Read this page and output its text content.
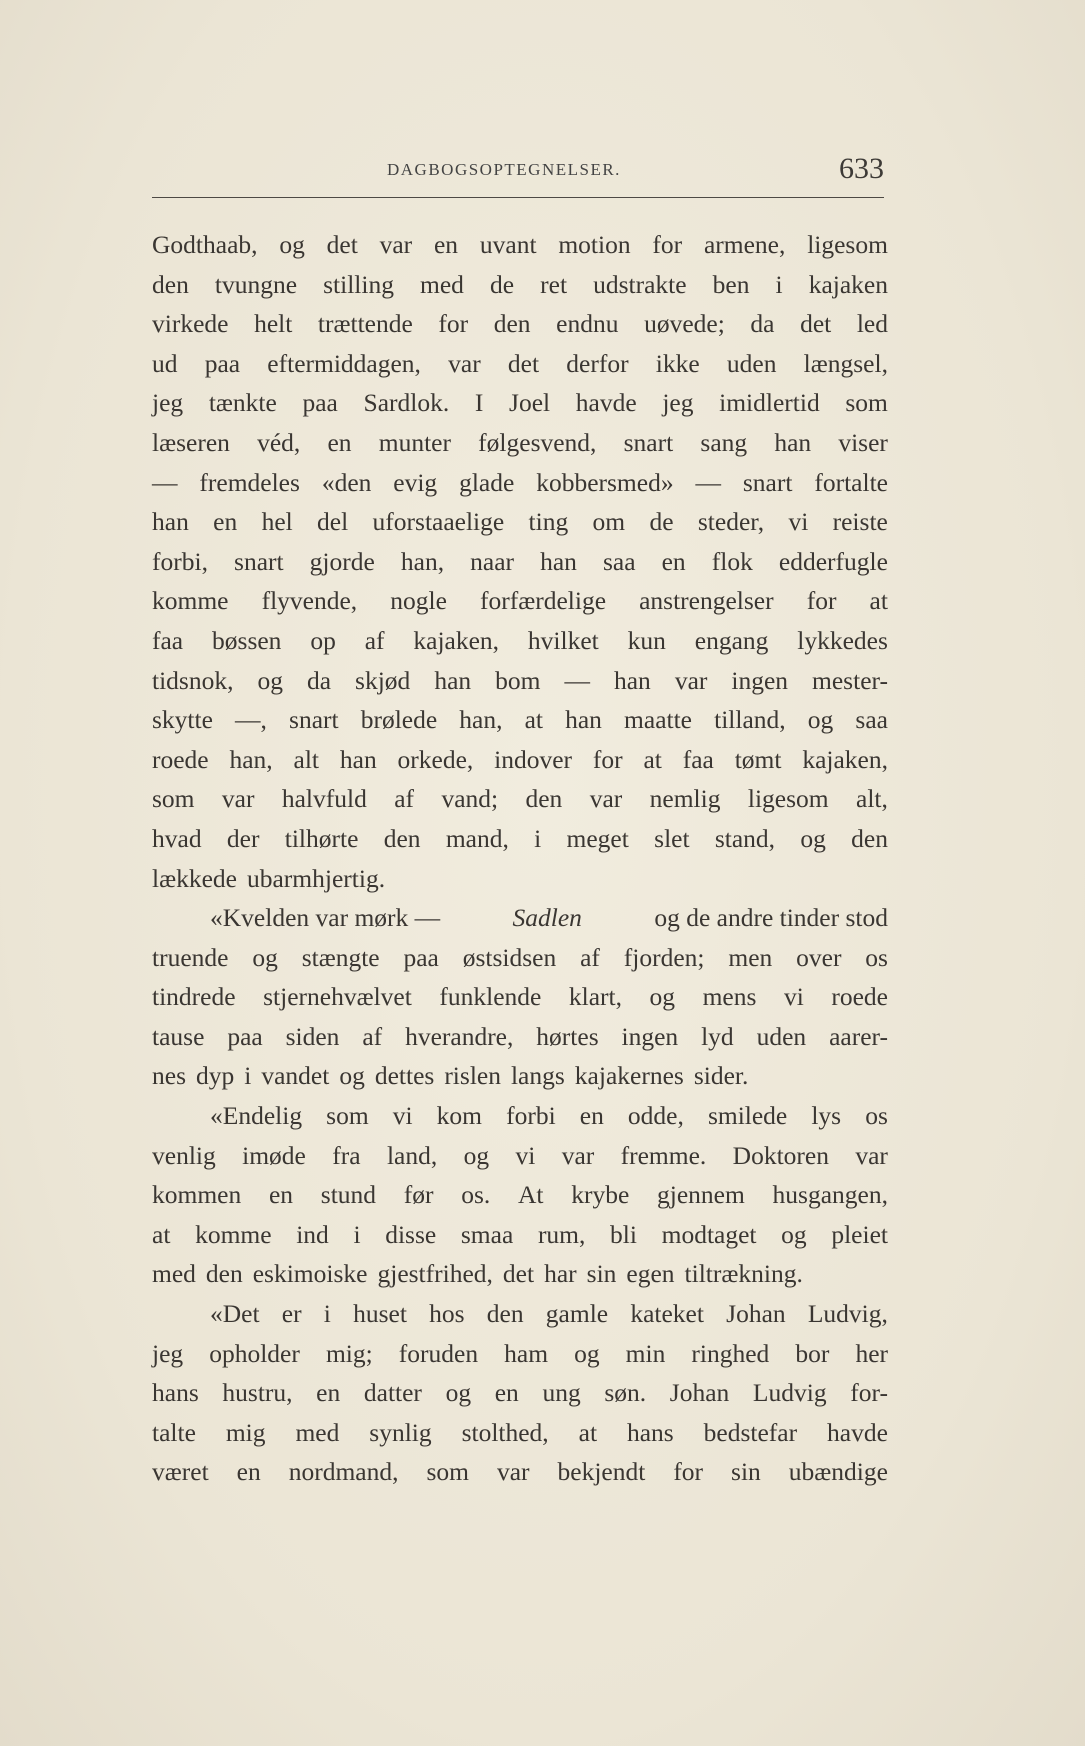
DAGBOGSOPTEGNELSER.	633
Godthaab, og det var en uvant motion for armene, ligesom
den tvungne stilling med de ret udstrakte ben i kajaken
virkede helt trættende for den endnu uøvede; da det led
ud paa eftermiddagen, var det derfor ikke uden længsel,
jeg tænkte paa Sardlok. I Joel havde jeg imidlertid som
læseren véd, en munter følgesvend, snart sang han viser
— fremdeles «den evig glade kobbersmed» — snart fortalte
han en hel del uforstaaelige ting om de steder, vi reiste
forbi, snart gjorde han, naar han saa en flok edderfugle
komme flyvende, nogle forfærdelige anstrengelser for at
faa bøssen op af kajaken, hvilket kun engang lykkedes
tidsnok, og da skjød han bom — han var ingen mester-
skytte —, snart brølede han, at han maatte tilland, og saa
roede han, alt han orkede, indover for at faa tømt kajaken,
som var halvfuld af vand; den var nemlig ligesom alt,
hvad der tilhørte den mand, i meget slet stand, og den
lækkede ubarmhjertig.
«Kvelden var mørk —	Sadlen	og de andre tinder stod
truende og stængte paa østsidsen af fjorden; men over os
tindrede stjernehvælvet funklende klart, og mens vi roede
tause paa siden af hverandre, hørtes ingen lyd uden aarer-
nes dyp i vandet og dettes rislen langs kajakernes sider.
«Endelig som vi kom forbi en odde, smilede lys os
venlig imøde fra land, og vi var fremme. Doktoren var
kommen en stund før os. At krybe gjennem husgangen,
at komme ind i disse smaa rum, bli modtaget og pleiet
med den eskimoiske gjestfrihed, det har sin egen tiltrækning.
«Det er i huset hos den gamle kateket Johan Ludvig,
jeg opholder mig; foruden ham og min ringhed bor her
hans hustru, en datter og en ung søn. Johan Ludvig for-
talte mig med synlig stolthed, at hans bedstefar havde
været en nordmand, som var bekjendt for sin ubændige
